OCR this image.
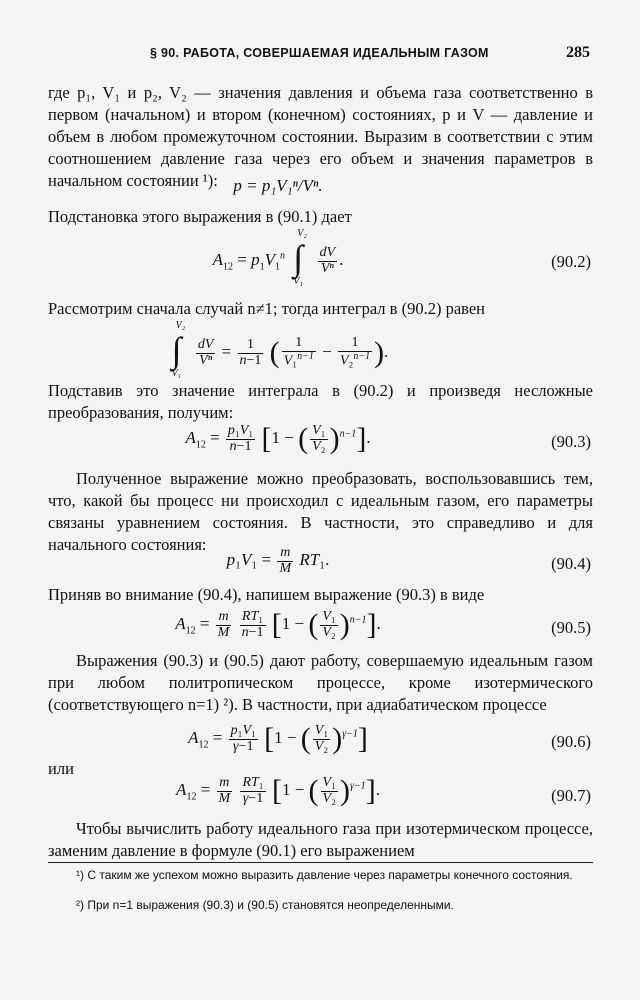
§ 90. РАБОТА, СОВЕРШАЕМАЯ ИДЕАЛЬНЫМ ГАЗОМ	285
где p₁, V₁ и p₂, V₂ — значения давления и объема газа соответственно в первом (начальном) и втором (конечном) состояниях, p и V — давление и объем в любом промежуточном состоянии. Выразим в соответствии с этим соотношением давление газа через его объем и значения параметров в начальном состоянии ¹): p = p₁V₁ⁿ/Vⁿ.
Подстановка этого выражения в (90.1) дает
$A_{12} = p_1V_1^n$
V₂
∫
V₁

$\frac{dV}{\text{Vⁿ}}$ .	(90.2)
Рассмотрим сначала случай n≠1; тогда интеграл в (90.2) равен
V₂
∫
V₁

$\frac{dV}{\text{Vⁿ}} = \frac{1}{n-1}$ ( $\frac{1}{V_1^{n-1}} - \frac{1}{V_2^{n-1}}$ ).
Подставив это значение интеграла в (90.2) и произведя несложные преобразования, получим:
$A_{12} = \frac{\text{p₁V₁}}{n-1} [1$ − ( $\frac{\text{V₁}}{\text{V₂}} )^{n-1}$].	(90.3)
Полученное выражение можно преобразовать, воспользовавшись тем, что, какой бы процесс ни происходил с идеальным газом, его параметры связаны уравнением состояния. В частности, это справедливо и для начального состояния:
$p_1V_1 = \frac{m}{M} RT_1$.	(90.4)
Приняв во внимание (90.4), напишем выражение (90.3) в виде
$A_{12} = \frac{m}{M}$
$\frac{\text{RT₁}}{n-1} [1$ − ( $\frac{\text{V₁}}{\text{V₂}} )^{n-1}$].	(90.5)
Выражения (90.3) и (90.5) дают работу, совершаемую идеальным газом при любом политропическом процессе, кроме изотермического (соответствующего n=1) ²). В частности, при адиабатическом процессе
$A_{12} = \frac{\text{p₁V₁}}{\gamma-1} [1$ − ( $\frac{\text{V₁}}{\text{V₂}} )^{\gamma-1}$]	(90.6)
или
$A_{12} = \frac{m}{M}$
$\frac{\text{RT₁}}{\gamma-1} [1$ − ( $\frac{\text{V₁}}{\text{V₂}} )^{\gamma-1}$].	(90.7)
Чтобы вычислить работу идеального газа при изотермическом процессе, заменим давление в формуле (90.1) его выражением
¹) С таким же успехом можно выразить давление через параметры конечного состояния.
²) При n=1 выражения (90.3) и (90.5) становятся неопределенными.
